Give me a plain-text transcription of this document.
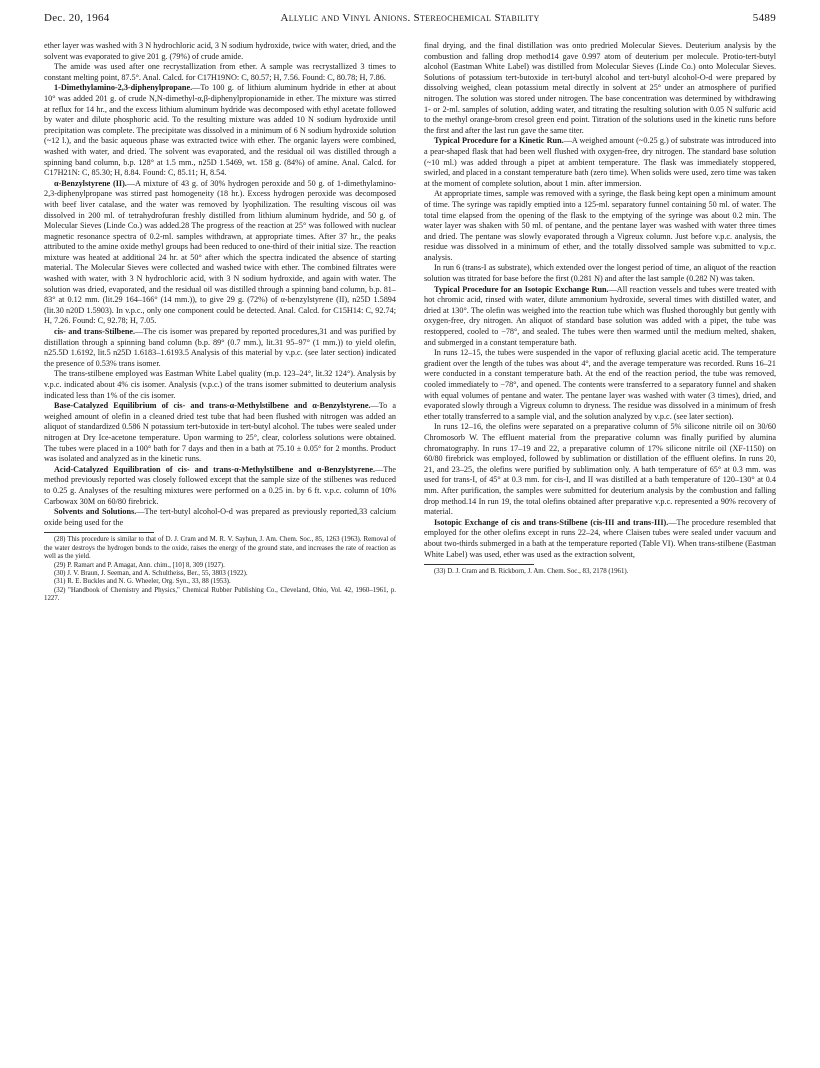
Dec. 20, 1964	Allylic and Vinyl Anions. Stereochemical Stability	5489

ether layer was washed with 3 N hydrochloric acid, 3 N sodium hydroxide, twice with water, dried, and the solvent was evaporated to give 201 g. (79%) of crude amide.

The amide was used after one recrystallization from ether. A sample was recrystallized 3 times to constant melting point, 87.5°. Anal. Calcd. for C17H19NO: C, 80.57; H, 7.56. Found: C, 80.78; H, 7.86.

1-Dimethylamino-2,3-diphenylpropane.—To 100 g. of lithium aluminum hydride in ether at about 10° was added 201 g. of crude N,N-dimethyl-α,β-diphenylpropionamide in ether. The mixture was stirred at reflux for 14 hr., and the excess lithium aluminum hydride was decomposed with ethyl acetate followed by water and dilute phosphoric acid. To the resulting mixture was added 10 N sodium hydroxide until precipitation was complete. The precipitate was dissolved in a minimum of 6 N sodium hydroxide solution (~12 l.), and the basic aqueous phase was extracted twice with ether. The organic layers were combined, washed with water, and dried. The solvent was evaporated, and the residual oil was distilled through a spinning band column, b.p. 128° at 1.5 mm., n25D 1.5469, wt. 158 g. (84%) of amine. Anal. Calcd. for C17H21N: C, 85.30; H, 8.84. Found: C, 85.11; H, 8.54.

α-Benzylstyrene (II).—A mixture of 43 g. of 30% hydrogen peroxide and 50 g. of 1-dimethylamino-2,3-diphenylpropane was stirred past homogeneity (18 hr.). Excess hydrogen peroxide was decomposed with beef liver catalase, and the water was removed by lyophilization. The resulting viscous oil was dissolved in 200 ml. of tetrahydrofuran freshly distilled from lithium aluminum hydride, and 50 g. of Molecular Sieves (Linde Co.) was added.28 The progress of the reaction at 25° was followed with nuclear magnetic resonance spectra of 0.2-ml. samples withdrawn, at appropriate times. After 37 hr., the peaks attributed to the amine oxide methyl groups had been reduced to one-third of their initial size. The reaction mixture was heated at additional 24 hr. at 50° after which the spectra indicated the absence of starting material. The Molecular Sieves were collected and washed twice with ether. The combined filtrates were washed with water, with 3 N hydrochloric acid, with 3 N sodium hydroxide, and again with water. The solution was dried, evaporated, and the residual oil was distilled through a spinning band column, b.p. 81–83° at 0.12 mm. (lit.29 164–166° (14 mm.)), to give 29 g. (72%) of α-benzylstyrene (II), n25D 1.5894 (lit.30 n20D 1.5903). In v.p.c., only one component could be detected. Anal. Calcd. for C15H14: C, 92.74; H, 7.26. Found: C, 92.78; H, 7.05.

cis- and trans-Stilbene.—The cis isomer was prepared by reported procedures,31 and was purified by distillation through a spinning band column (b.p. 89° (0.7 mm.), lit.31 95–97° (1 mm.)) to yield olefin, n25.5D 1.6192, lit.5 n25D 1.6183–1.6193.5 Analysis of this material by v.p.c. (see later section) indicated the presence of 0.53% trans isomer.

The trans-stilbene employed was Eastman White Label quality (m.p. 123–24°, lit.32 124°). Analysis by v.p.c. indicated about 4% cis isomer. Analysis (v.p.c.) of the trans isomer submitted to deuterium analysis indicated less than 1% of the cis isomer.

Base-Catalyzed Equilibrium of cis- and trans-α-Methylstilbene and α-Benzylstyrene.—To a weighed amount of olefin in a cleaned dried test tube that had been flushed with nitrogen was added an aliquot of standardized 0.586 N potassium tert-butoxide in tert-butyl alcohol. The tubes were sealed under nitrogen at Dry Ice-acetone temperature. Upon warming to 25°, clear, colorless solutions were obtained. The tubes were placed in a 100° bath for 7 days and then in a bath at 75.10 ± 0.05° for 2 months. Product was isolated and analyzed as in the kinetic runs.

Acid-Catalyzed Equilibration of cis- and trans-α-Methylstilbene and α-Benzylstyrene.—The method previously reported was closely followed except that the sample size of the stilbenes was reduced to 0.25 g. Analyses of the resulting mixtures were performed on a 0.25 in. by 6 ft. v.p.c. column of 10% Carbowax 30M on 60/80 firebrick.

Solvents and Solutions.—The tert-butyl alcohol-O-d was prepared as previously reported,33 calcium oxide being used for the

(28) This procedure is similar to that of D. J. Cram and M. R. V. Sayhun, J. Am. Chem. Soc., 85, 1263 (1963). Removal of the water destroys the hydrogen bonds to the oxide, raises the energy of the ground state, and increases the rate of reaction as well as the yield.

(29) P. Ramart and P. Amagat, Ann. chim., [10] 8, 309 (1927).

(30) J. V. Braun, J. Seeman, and A. Schultheiss, Ber., 55, 3803 (1922).

(31) R. E. Buckles and N. G. Wheeler, Org. Syn., 33, 88 (1953).

(32) "Handbook of Chemistry and Physics," Chemical Rubber Publishing Co., Cleveland, Ohio, Vol. 42, 1960–1961, p. 1227.

final drying, and the final distillation was onto predried Molecular Sieves. Deuterium analysis by the combustion and falling drop method14 gave 0.997 atom of deuterium per molecule. Protio-tert-butyl alcohol (Eastman White Label) was distilled from Molecular Sieves (Linde Co.) onto Molecular Sieves. Solutions of potassium tert-butoxide in tert-butyl alcohol and tert-butyl alcohol-O-d were prepared by dissolving weighed, clean potassium metal directly in solvent at 25° under an atmosphere of purified nitrogen. The solution was stored under nitrogen. The base concentration was determined by withdrawing 1- or 2-ml. samples of solution, adding water, and titrating the resulting solution with 0.05 N sulfuric acid to the methyl orange-brom cresol green end point. Titration of the solutions used in the kinetic runs before the first and after the last run gave the same titer.

Typical Procedure for a Kinetic Run.—A weighed amount (~0.25 g.) of substrate was introduced into a pear-shaped flask that had been well flushed with oxygen-free, dry nitrogen. The standard base solution (~10 ml.) was added through a pipet at ambient temperature. The flask was immediately stoppered, swirled, and placed in a constant temperature bath (zero time). When solids were used, zero time was taken at the moment of complete solution, about 1 min. after immersion.

At appropriate times, sample was removed with a syringe, the flask being kept open a minimum amount of time. The syringe was rapidly emptied into a 125-ml. separatory funnel containing 50 ml. of water. The total time elapsed from the opening of the flask to the emptying of the syringe was about 0.2 min. The water layer was shaken with 50 ml. of pentane, and the pentane layer was washed with water three times and dried. The pentane was slowly evaporated through a Vigreux column. Just before v.p.c. analysis, the residue was dissolved in a minimum of ether, and the totally dissolved sample was submitted to v.p.c. analysis.

In run 6 (trans-I as substrate), which extended over the longest period of time, an aliquot of the reaction solution was titrated for base before the first (0.281 N) and after the last sample (0.282 N) was taken.

Typical Procedure for an Isotopic Exchange Run.—All reaction vessels and tubes were treated with hot chromic acid, rinsed with water, dilute ammonium hydroxide, several times with distilled water, and dried at 130°. The olefin was weighed into the reaction tube which was flushed thoroughly but gently with oxygen-free, dry nitrogen. An aliquot of standard base solution was added with a pipet, the tube was restoppered, cooled to −78°, and sealed. The tubes were then warmed until the medium melted, shaken, and submerged in a constant temperature bath.

In runs 12–15, the tubes were suspended in the vapor of refluxing glacial acetic acid. The temperature gradient over the length of the tubes was about 4°, and the average temperature was recorded. Runs 16–21 were conducted in a constant temperature bath. At the end of the reaction period, the tube was removed, cooled immediately to −78°, and opened. The contents were transferred to a separatory funnel and shaken with equal volumes of pentane and water. The pentane layer was washed with water (3 times), dried, and evaporated slowly through a Vigreux column to dryness. The residue was dissolved in a minimum of fresh ether totally transferred to a sample vial, and the solution analyzed by v.p.c. (see later section).

In runs 12–16, the olefins were separated on a preparative column of 5% silicone nitrile oil on 30/60 Chromosorb W. The effluent material from the preparative column was finally purified by alumina chromatography. In runs 17–19 and 22, a preparative column of 17% silicone nitrile oil (XF-1150) on 60/80 firebrick was employed, followed by sublimation or distillation of the effluent olefins. In runs 20, 21, and 23–25, the olefins were purified by sublimation only. A bath temperature of 65° at 0.3 mm. was used for trans-I, of 45° at 0.3 mm. for cis-I, and II was distilled at a bath temperature of 120–130° at 0.4 mm. After purification, the samples were submitted for deuterium analysis by the combustion and falling drop method.14 In run 19, the total olefins obtained after preparative v.p.c. represented a 90% recovery of material.

Isotopic Exchange of cis and trans-Stilbene (cis-III and trans-III).—The procedure resembled that employed for the other olefins except in runs 22–24, where Claisen tubes were sealed under vacuum and about two-thirds submerged in a bath at the temperature reported (Table VI). When trans-stilbene (Eastman White Label) was used, ether was used as the extraction solvent,

(33) D. J. Cram and B. Rickborn, J. Am. Chem. Soc., 83, 2178 (1961).
